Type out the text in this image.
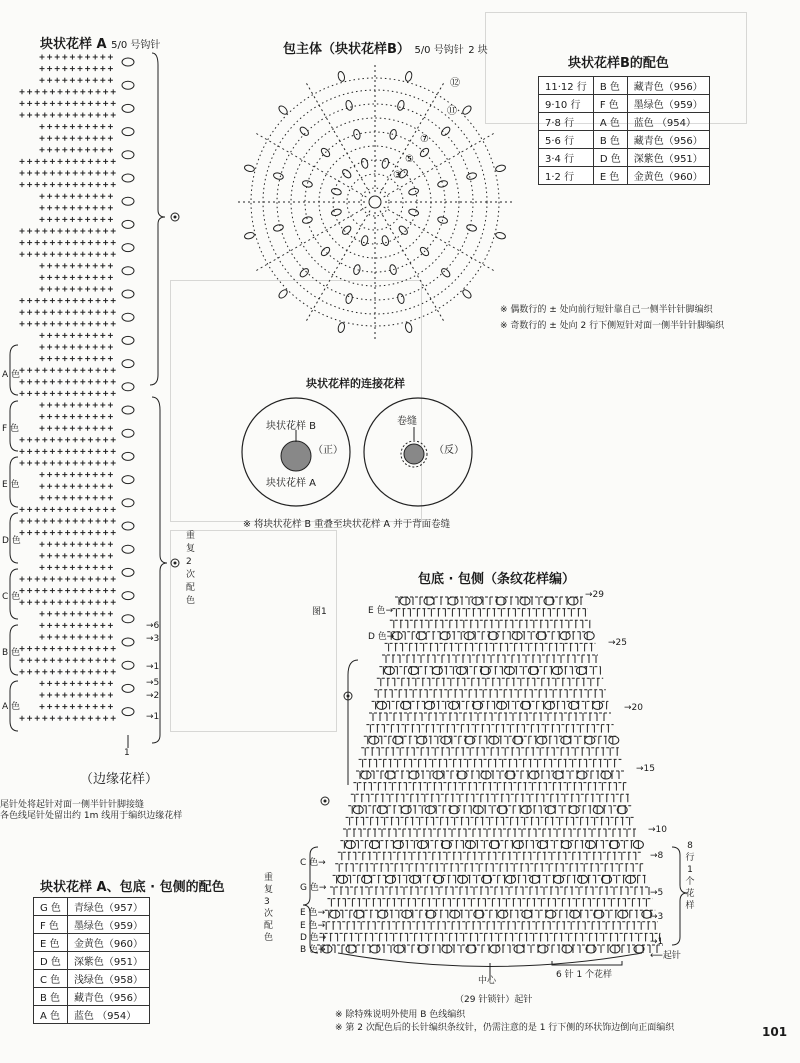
块状花样 A 5/0 号钩针
A 色
F 色
E 色
D 色
C 色
B 色
A 色
重复 2 次配色
→6
→3
→1
→5
→2
→1
1
（边缘花样）
尾针处将起针对面一侧半针针脚接缝
各色线尾针处留出约 1m 线用于编织边缘花样
包主体（块状花样B） 5/0 号钩针 2 块
⑫
⑪
⑦
⑤
③
※ 偶数行的 ± 处向前行短针靠自己一侧半针针脚编织
※ 奇数行的 ± 处向 2 行下侧短针对面一侧半针针脚编织
块状花样B的配色
11·12 行	B 色	藏青色（956）
9·10 行	F 色	墨绿色（959）
7·8 行	A 色	蓝色 （954）
5·6 行	B 色	藏青色（956）
3·4 行	D 色	深紫色（951）
1·2 行	E 色	金黄色（960）
块状花样的连接花样
块状花样 B
（正）
块状花样 A
卷缝
（反）
※ 将块状花样 B 重叠至块状花样 A 并于背面卷缝
图1
包底 · 包侧（条纹花样编）
→29
→25
→20
→15
→10
→8
→5
→3
→1
⟵起针
E 色→
D 色→
C 色→
G 色→
E 色→
E 色→
D 色→
B 色→
重复 3 次配色
8 行 1 个花样
中心
6 针 1 个花样
（29 针锁针）起针
※ 除特殊说明外使用 B 色线编织
※ 第 2 次配色后的长针编织条纹针，仍需注意的是 1 行下侧的环状饰边倒向正面编织
块状花样 A、包底 · 包侧的配色
G 色	青绿色（957）
F 色	墨绿色（959）
E 色	金黄色（960）
D 色	深紫色（951）
C 色	浅绿色（958）
B 色	藏青色（956）
A 色	蓝色 （954）
101
